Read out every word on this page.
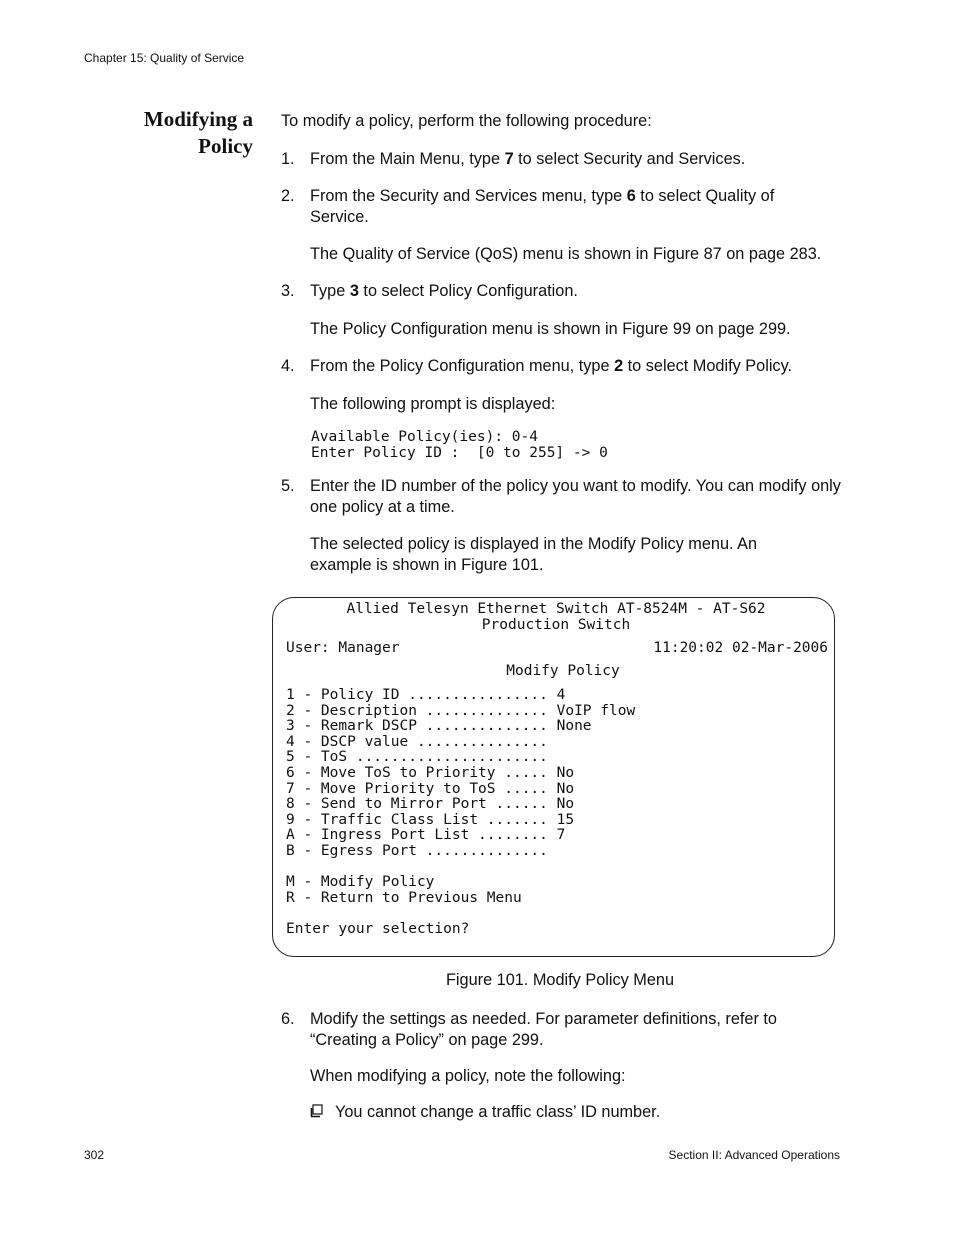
Chapter 15: Quality of Service
Modifying a
Policy
To modify a policy, perform the following procedure:
1. From the Main Menu, type 7 to select Security and Services.
2. From the Security and Services menu, type 6 to select Quality of Service.
The Quality of Service (QoS) menu is shown in Figure 87 on page 283.
3. Type 3 to select Policy Configuration.
The Policy Configuration menu is shown in Figure 99 on page 299.
4. From the Policy Configuration menu, type 2 to select Modify Policy.
The following prompt is displayed:
Available Policy(ies): 0-4
Enter Policy ID :  [0 to 255] -> 0
5. Enter the ID number of the policy you want to modify. You can modify only one policy at a time.
The selected policy is displayed in the Modify Policy menu. An example is shown in Figure 101.
Allied Telesyn Ethernet Switch AT-8524M - AT-S62
Production Switch
User: Manager	11:20:02 02-Mar-2006
Modify Policy
1 - Policy ID ................ 4
2 - Description .............. VoIP flow
3 - Remark DSCP .............. None
4 - DSCP value ...............
5 - ToS ......................
6 - Move ToS to Priority ..... No
7 - Move Priority to ToS ..... No
8 - Send to Mirror Port ...... No
9 - Traffic Class List ....... 15
A - Ingress Port List ........ 7
B - Egress Port ..............
M - Modify Policy
R - Return to Previous Menu
Enter your selection?
Figure 101. Modify Policy Menu
6. Modify the settings as needed. For parameter definitions, refer to “Creating a Policy” on page 299.
When modifying a policy, note the following:
You cannot change a traffic class’ ID number.
302	Section II: Advanced Operations
